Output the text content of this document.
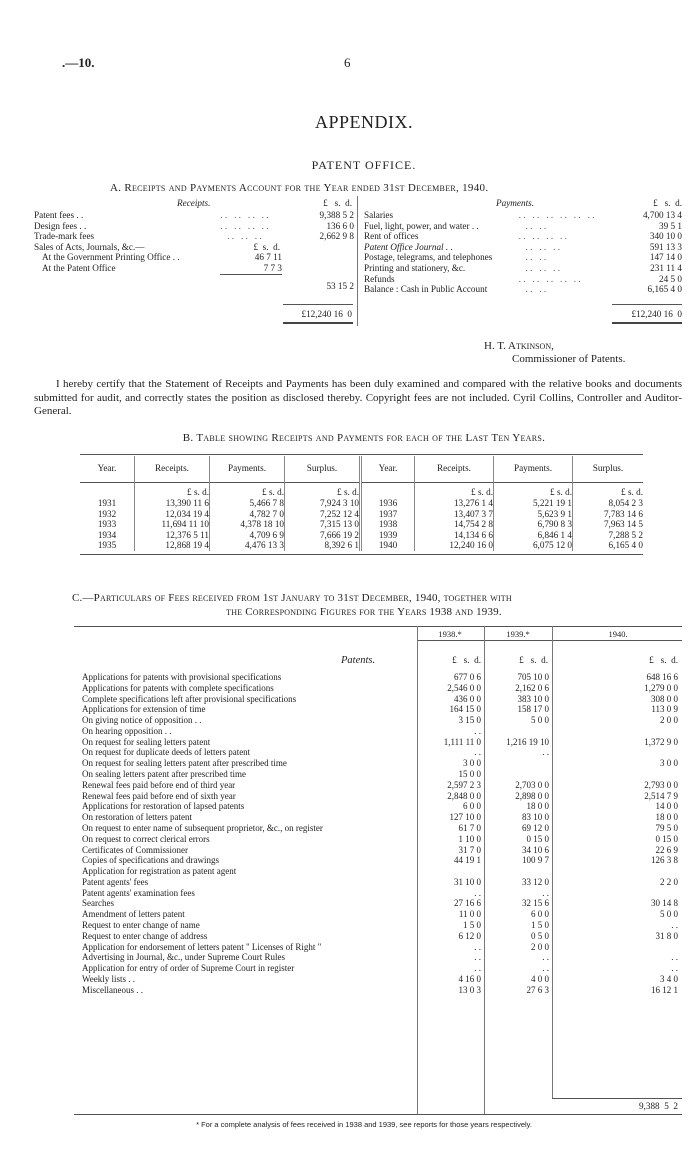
.—10.	6
APPENDIX.
PATENT OFFICE.
A. Receipts and Payments Account for the Year ended 31st December, 1940.
Receipts.	Payments.
£   s.  d.	£   s.  d.
Patent fees . .	. .   . .   . .   . .	9,388 5 2
Design fees . .	. .   . .   . .   . .	136 6 0
Trade-mark fees	. .   . .   . .	2,662 9 8
Sales of Acts, Journals, &c.—		
At the Government Printing Office . .	46 7 11	
At the Patent Office	7 7 3	
		53 15 2
£  s.  d.
£12,240 16  0
Salaries	. .   . .   . .   . .   . .   . .	4,700 13 4
Fuel, light, power, and water . .	. .   . .	39 5 1
Rent of offices	. .   . .   . .   . .	340 10 0
Patent Office Journal . .	. .   . .   . .	591 13 3
Postage, telegrams, and telephones	. .   . .	147 14 0
Printing and stationery, &c.	. .   . .   . .	231 11 4
Refunds	. .   . .   . .   . .   . .	24 5 0
Balance : Cash in Public Account	. .   . .	6,165 4 0
£12,240 16  0
H. T. Atkinson,
Commissioner of Patents.
I hereby certify that the Statement of Receipts and Payments has been duly examined and compared with the relative books and documents submitted for audit, and correctly states the position as disclosed thereby. Copyright fees are not included. Cyril Collins, Controller and Auditor-General.
B. Table showing Receipts and Payments for each of the Last Ten Years.
Year.	Receipts.	Payments.	Surplus.	Year.	Receipts.	Payments.	Surplus.
	£ s. d.	£ s. d.	£ s. d.		£ s. d.	£ s. d.	£ s. d.
1931	13,390 11 6	5,466 7 8	7,924 3 10	1936	13,276 1 4	5,221 19 1	8,054 2 3
1932	12,034 19 4	4,782 7 0	7,252 12 4	1937	13,407 3 7	5,623 9 1	7,783 14 6
1933	11,694 11 10	4,378 18 10	7,315 13 0	1938	14,754 2 8	6,790 8 3	7,963 14 5
1934	12,376 5 11	4,709 6 9	7,666 19 2	1939	14,134 6 6	6,846 1 4	7,288 5 2
1935	12,868 19 4	4,476 13 3	8,392 6 1	1940	12,240 16 0	6,075 12 0	6,165 4 0
C.—Particulars of Fees received from 1st January to 31st December, 1940, together with
the Corresponding Figures for the Years 1938 and 1939.
1938.*	1939.*	1940.
Patents.	£   s.  d.	£   s.  d.	£   s.  d.
Applications for patents with provisional specifications	677 0 6	705 10 0	648 16 6
Applications for patents with complete specifications	2,546 0 0	2,162 0 6	1,279 0 0
Complete specifications left after provisional specifications	436 0 0	383 10 0	308 0 0
Applications for extension of time	164 15 0	158 17 0	113 0 9
On giving notice of opposition . .	3 15 0	5 0 0	2 0 0
On hearing opposition . .	. .		
On request for sealing letters patent	1,111 11 0	1,216 19 10	1,372 9 0
On request for duplicate deeds of letters patent	. .	. .	
On request for sealing letters patent after prescribed time	3 0 0		3 0 0
On sealing letters patent after prescribed time	15 0 0		
Renewal fees paid before end of third year	2,597 2 3	2,703 0 0	2,793 0 0
Renewal fees paid before end of sixth year	2,848 0 0	2,898 0 0	2,514 7 9
Applications for restoration of lapsed patents	6 0 0	18 0 0	14 0 0
On restoration of letters patent	127 10 0	83 10 0	18 0 0
On request to enter name of subsequent proprietor, &c., on register	61 7 0	69 12 0	79 5 0
On request to correct clerical errors	1 10 0	0 15 0	0 15 0
Certificates of Commissioner	31 7 0	34 10 6	22 6 9
Copies of specifications and drawings	44 19 1	100 9 7	126 3 8
Application for registration as patent agent			
Patent agents' fees	31 10 0	33 12 0	2 2 0
Patent agents' examination fees	. .	. .	
Searches	27 16 6	32 15 6	30 14 8
Amendment of letters patent	11 0 0	6 0 0	5 0 0
Request to enter change of name	1 5 0	1 5 0	. .
Request to enter change of address	6 12 0	0 5 0	31 8 0
Application for endorsement of letters patent " Licenses of Right "	. .	2 0 0	
Advertising in Journal, &c., under Supreme Court Rules	. .	. .	. .
Application for entry of order of Supreme Court in register	. .	. .	. .
Weekly lists . .	4 16 0	4 0 0	3 4 0
Miscellaneous . .	13 0 3	27 6 3	16 12 1
9,388  5  2
* For a complete analysis of fees received in 1938 and 1939, see reports for those years respectively.
